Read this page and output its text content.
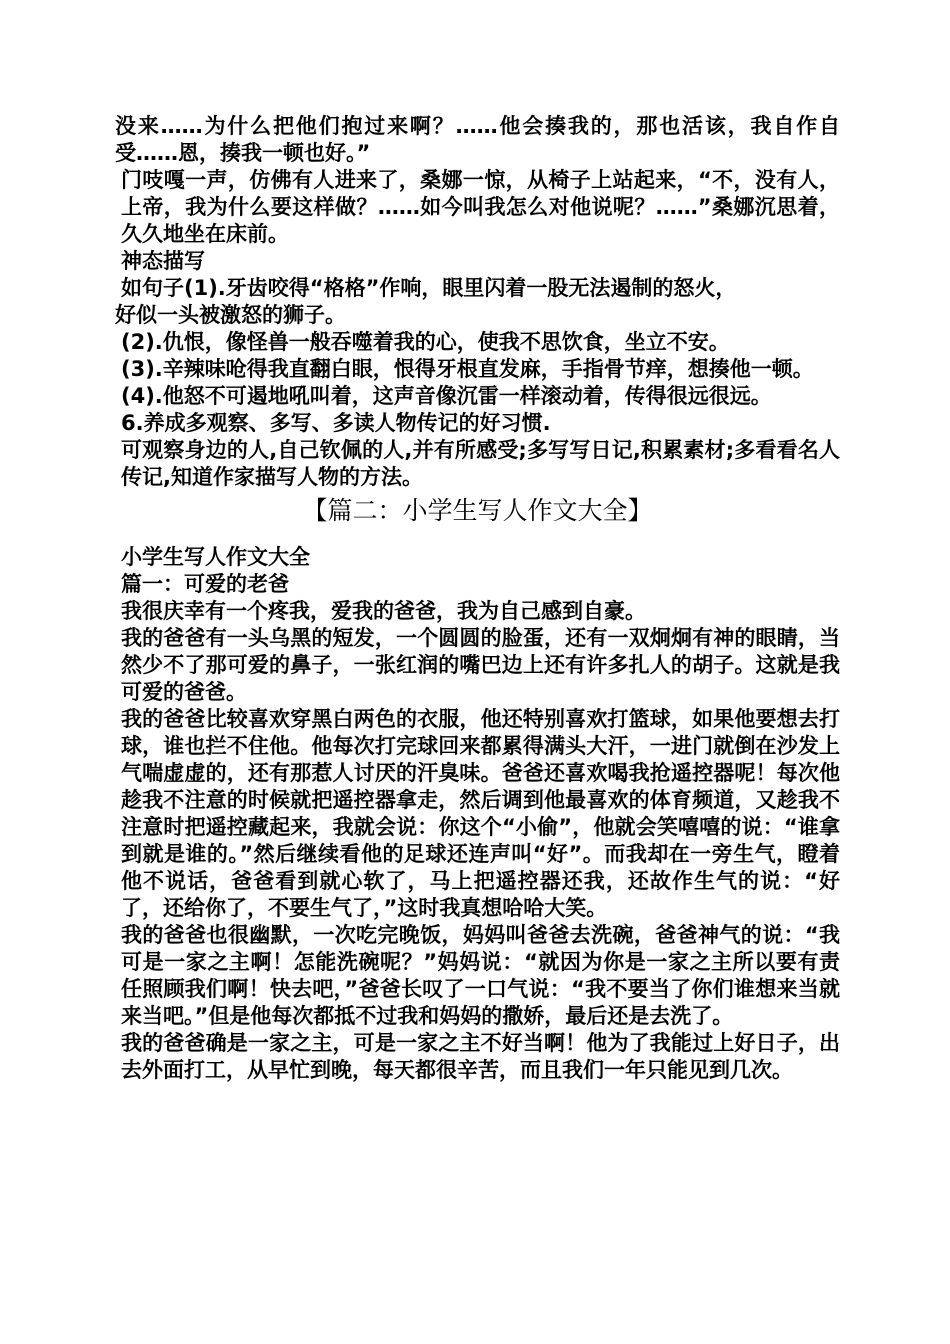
没来……为什么把他们抱过来啊？……他会揍我的，那也活该，我自作自受……恩，揍我一顿也好。”

门吱嘎一声，仿佛有人进来了，桑娜一惊，从椅子上站起来，“不，没有人，上帝，我为什么要这样做？……如今叫我怎么对他说呢？……”桑娜沉思着，久久地坐在床前。

神态描写

如句子(1).牙齿咬得“格格”作响，眼里闪着一股无法遏制的怒火，

好似一头被激怒的狮子。

(2).仇恨，像怪兽一般吞噬着我的心，使我不思饮食，坐立不安。

(3).辛辣味呛得我直翻白眼，恨得牙根直发麻，手指骨节痒，想揍他一顿。

(4).他怒不可遏地吼叫着，这声音像沉雷一样滚动着，传得很远很远。

6.养成多观察、多写、多读人物传记的好习惯.

可观察身边的人,自己钦佩的人,并有所感受;多写写日记,积累素材;多看看名人传记,知道作家描写人物的方法。

【篇二：小学生写人作文大全】

小学生写人作文大全

篇一：可爱的老爸

我很庆幸有一个疼我，爱我的爸爸，我为自己感到自豪。

我的爸爸有一头乌黑的短发，一个圆圆的脸蛋，还有一双炯炯有神的眼睛，当然少不了那可爱的鼻子，一张红润的嘴巴边上还有许多扎人的胡子。这就是我可爱的爸爸。

我的爸爸比较喜欢穿黑白两色的衣服，他还特别喜欢打篮球，如果他要想去打球，谁也拦不住他。他每次打完球回来都累得满头大汗，一进门就倒在沙发上气喘虚虚的，还有那惹人讨厌的汗臭味。爸爸还喜欢喝我抢遥控器呢！每次他趁我不注意的时候就把遥控器拿走，然后调到他最喜欢的体育频道，又趁我不注意时把遥控藏起来，我就会说：你这个“小偷”，他就会笑嘻嘻的说：“谁拿到就是谁的。”然后继续看他的足球还连声叫“好”。而我却在一旁生气，瞪着他不说话，爸爸看到就心软了，马上把遥控器还我，还故作生气的说：“好了，还给你了，不要生气了，”这时我真想哈哈大笑。

我的爸爸也很幽默，一次吃完晚饭，妈妈叫爸爸去洗碗，爸爸神气的说：“我可是一家之主啊！怎能洗碗呢？”妈妈说：“就因为你是一家之主所以要有责任照顾我们啊！快去吧，”爸爸长叹了一口气说：“我不要当了你们谁想来当就来当吧。”但是他每次都抵不过我和妈妈的撒娇，最后还是去洗了。

我的爸爸确是一家之主，可是一家之主不好当啊！他为了我能过上好日子，出去外面打工，从早忙到晚，每天都很辛苦，而且我们一年只能见到几次。
